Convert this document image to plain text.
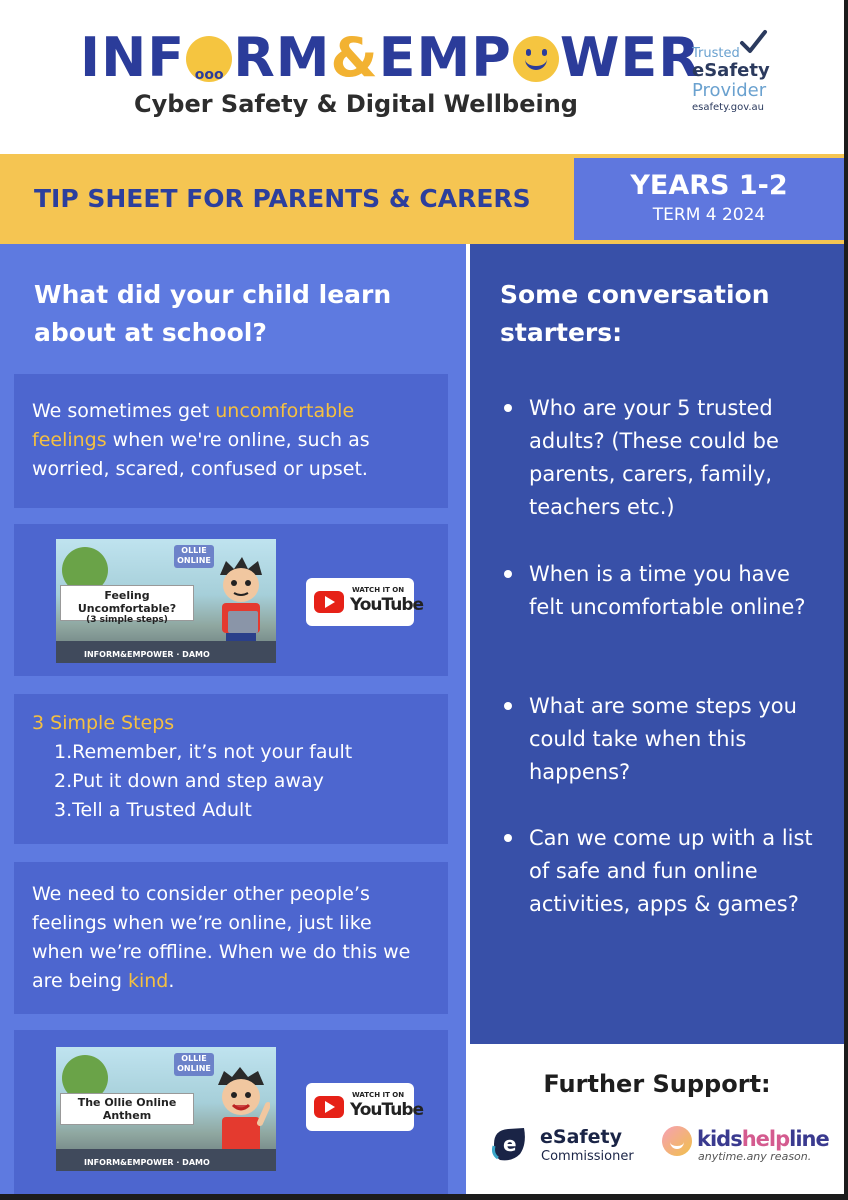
INFooo RM&EMP WER
Cyber Safety & Digital Wellbeing
Trusted
eSafety
Provider
esafety.gov.au
TIP SHEET FOR PARENTS & CARERS	YEARS 1-2
TERM 4 2024
What did your child learn about at school?
We sometimes get uncomfortable feelings when we're online, such as worried, scared, confused or upset.
OLLIE ONLINE
Feeling Uncomfortable?
(3 simple steps)
INFORM&EMPOWER · DAMO
WATCH IT ON
YouTube
3 Simple Steps
1.Remember, it’s not your fault
2.Put it down and step away
3.Tell a Trusted Adult
We need to consider other people’s feelings when we’re online, just like when we’re offline. When we do this we are being kind.
OLLIE ONLINE
The Ollie Online Anthem
INFORM&EMPOWER · DAMO
WATCH IT ON
YouTube
Some conversation starters:
Who are your 5 trusted adults? (These could be parents, carers, family, teachers etc.)
When is a time you have felt uncomfortable online?
What are some steps you could take when this happens?
Can we come up with a list of safe and fun online activities, apps & games?
Further Support:
e eSafety
Commissioner
kidshelpline
anytime.any reason.
